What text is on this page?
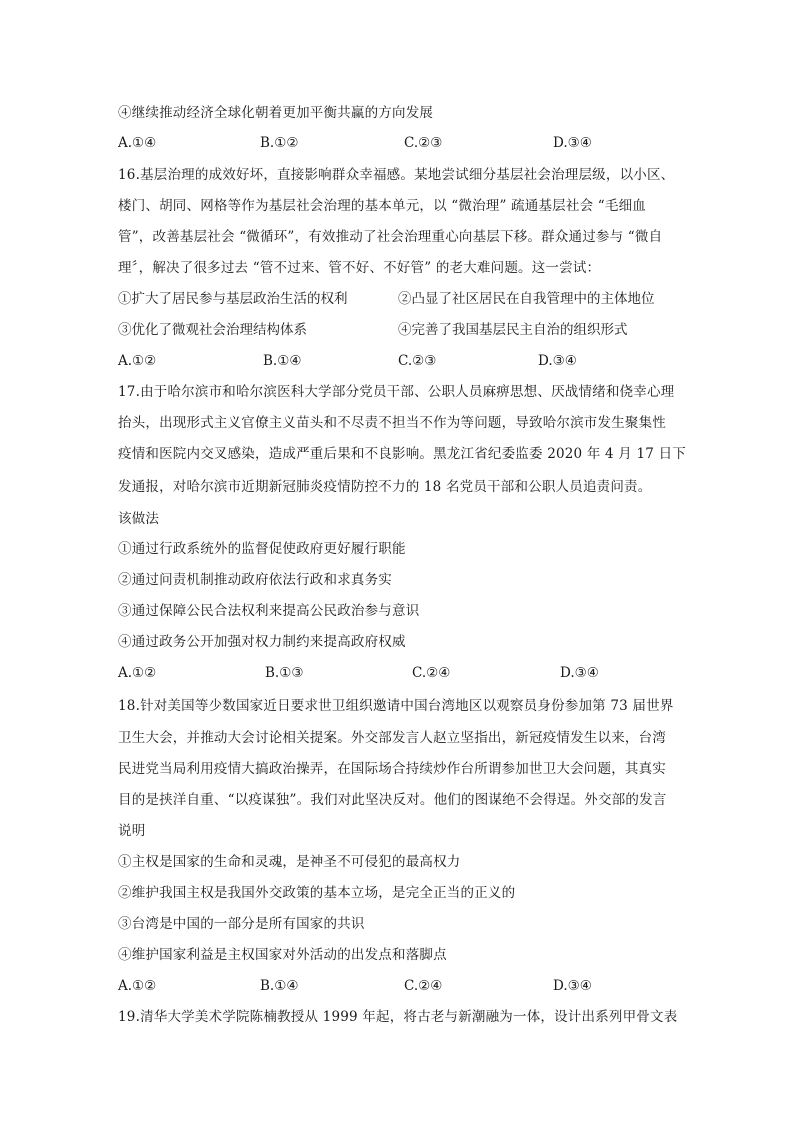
④继续推动经济全球化朝着更加平衡共赢的方向发展
A.①④	B.①②	C.②③	D.③④
16.基层治理的成效好坏，直接影响群众幸福感。某地尝试细分基层社会治理层级，以小区、
楼门、胡同、网格等作为基层社会治理的基本单元，以 “微治理” 疏通基层社会 “毛细血
管”，改善基层社会 “微循环”，有效推动了社会治理重心向基层下移。群众通过参与 “微自
理〞，解决了很多过去 “管不过来、管不好、不好管” 的老大难问题。这一尝试：
①扩大了居民参与基层政治生活的权利	②凸显了社区居民在自我管理中的主体地位
③优化了微观社会治理结构体系	④完善了我国基层民主自治的组织形式
A.①②	B.①④	C.②③	D.③④
17.由于哈尔滨市和哈尔滨医科大学部分党员干部、公职人员麻痹思想、厌战情绪和侥幸心理
抬头，出现形式主义官僚主义苗头和不尽责不担当不作为等问题，导致哈尔滨市发生聚集性
疫情和医院内交叉感染，造成严重后果和不良影响。黑龙江省纪委监委 2020 年 4 月 17 日下
发通报，对哈尔滨市近期新冠肺炎疫情防控不力的 18 名党员干部和公职人员追责问责。
该做法
①通过行政系统外的监督促使政府更好履行职能
②通过问责机制推动政府依法行政和求真务实
③通过保障公民合法权利来提高公民政治参与意识
④通过政务公开加强对权力制约来提高政府权威
A.①②	B.①③	C.②④	D.③④
18.针对美国等少数国家近日要求世卫组织邀请中国台湾地区以观察员身份参加第 73 届世界
卫生大会，并推动大会讨论相关提案。外交部发言人赵立坚指出，新冠疫情发生以来，台湾
民进党当局利用疫情大搞政治操弄，在国际场合持续炒作台所谓参加世卫大会问题，其真实
目的是挟洋自重、“以疫谋独”。我们对此坚决反对。他们的图谋绝不会得逞。外交部的发言
说明
①主权是国家的生命和灵魂，是神圣不可侵犯的最高权力
②维护我国主权是我国外交政策的基本立场，是完全正当的正义的
③台湾是中国的一部分是所有国家的共识
④维护国家利益是主权国家对外活动的出发点和落脚点
A.①②	B.①④	C.②④	D.③④
19.清华大学美术学院陈楠教授从 1999 年起，将古老与新潮融为一体，设计出系列甲骨文表
